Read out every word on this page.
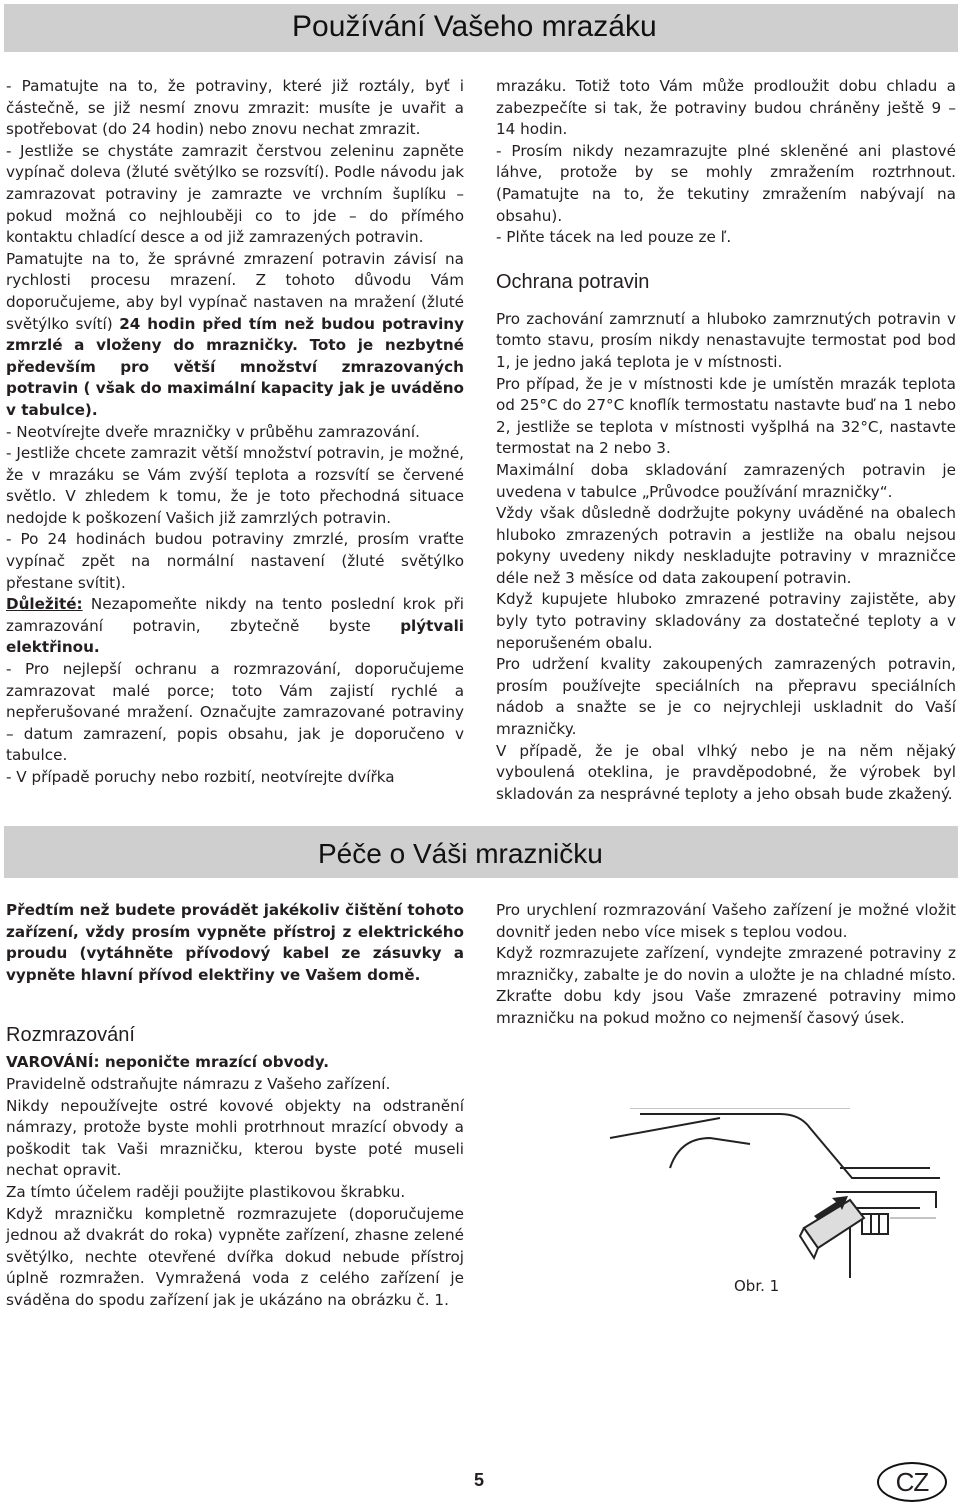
Používání Vašeho mrazáku

- Pamatujte na to, že potraviny, které již roztály, byť i částečně, se již nesmí znovu zmrazit: musíte je uvařit a spotřebovat (do 24 hodin) nebo znovu nechat zmrazit.

- Jestliže se chystáte zamrazit čerstvou zeleninu zapněte vypínač doleva (žluté světýlko se rozsvítí). Podle návodu jak zamrazovat potraviny je zamrazte ve vrchním šuplíku – pokud možná co nejhlouběji co to jde – do přímého kontaktu chladící desce a od již zamrazených potravin.

Pamatujte na to, že správné zmrazení potravin závisí na rychlosti procesu mrazení. Z tohoto důvodu Vám doporučujeme, aby byl vypínač nastaven na mražení (žluté světýlko svítí) 24 hodin před tím než budou potraviny zmrzlé a vloženy do mrazničky. Toto je nezbytné především pro větší množství zmrazovaných potravin ( však do maximální kapacity jak je uváděno v tabulce).

- Neotvírejte dveře mrazničky v průběhu zamrazování.

- Jestliže chcete zamrazit větší množství potravin, je možné, že v mrazáku se Vám zvýší teplota a rozsvítí se červené světlo. V zhledem k tomu, že je toto přechodná situace nedojde k poškození Vašich již zamrzlých potravin.

- Po 24 hodinách budou potraviny zmrzlé, prosím vraťte vypínač zpět na normální nastavení (žluté světýlko přestane svítit).

Důležité: Nezapomeňte nikdy na tento poslední krok při zamrazování potravin, zbytečně byste plýtvali elektřinou.

- Pro nejlepší ochranu a rozmrazování, doporučujeme zamrazovat malé porce; toto Vám zajistí rychlé a nepřerušované mražení. Označujte zamrazované potraviny – datum zamrazení, popis obsahu, jak je doporučeno v tabulce.

- V případě poruchy nebo rozbití, neotvírejte dvířka

mrazáku. Totiž toto Vám může prodloužit dobu chladu a zabezpečíte si tak, že potraviny budou chráněny ještě 9 – 14 hodin.

- Prosím nikdy nezamrazujte plné skleněné ani plastové láhve, protože by se mohly zmražením roztrhnout. (Pamatujte na to, že tekutiny zmražením nabývají na obsahu).

- Plňte tácek na led pouze ze ľ.

Ochrana potravin

Pro zachování zamrznutí a hluboko zamrznutých potravin v tomto stavu, prosím nikdy nenastavujte termostat pod bod 1, je jedno jaká teplota je v místnosti.

Pro případ, že je v místnosti kde je umístěn mrazák teplota od 25°C do 27°C knoflík termostatu nastavte buď na 1 nebo 2, jestliže se teplota v místnosti vyšplhá na 32°C, nastavte termostat na 2 nebo 3.

Maximální doba skladování zamrazených potravin je uvedena v tabulce „Průvodce používání mrazničky“.

Vždy však důsledně dodržujte pokyny uváděné na obalech hluboko zmrazených potravin a jestliže na obalu nejsou pokyny uvedeny nikdy neskladujte potraviny v mrazničce déle než 3 měsíce od data zakoupení potravin.

Když kupujete hluboko zmrazené potraviny zajistěte, aby byly tyto potraviny skladovány za dostatečné teploty a v neporušeném obalu.

Pro udržení kvality zakoupených zamrazených potravin, prosím používejte speciálních na přepravu speciálních nádob a snažte se je co nejrychleji uskladnit do Vaší mrazničky.

V případě, že je obal vlhký nebo je na něm nějaký vyboulená oteklina, je pravděpodobné, že výrobek byl skladován za nesprávné teploty a jeho obsah bude zkažený.

Péče o Váši mrazničku

Předtím než budete provádět jakékoliv čištění tohoto zařízení, vždy prosím vypněte přístroj z elektrického proudu (vytáhněte přívodový kabel ze zásuvky a vypněte hlavní přívod elektřiny ve Vašem domě.

Rozmrazování

VAROVÁNÍ: neponičte mrazící obvody.

Pravidelně odstraňujte námrazu z Vašeho zařízení.

Nikdy nepoužívejte ostré kovové objekty na odstranění námrazy, protože byste mohli protrhnout mrazící obvody a poškodit tak Vaši mrazničku, kterou byste poté museli nechat opravit.

Za tímto účelem raději použijte plastikovou škrabku.

Když mrazničku kompletně rozmrazujete (doporučujeme jednou až dvakrát do roka) vypněte zařízení, zhasne zelené světýlko, nechte otevřené dvířka dokud nebude přístroj úplně rozmražen. Vymražená voda z celého zařízení je sváděna do spodu zařízení jak je ukázáno na obrázku č. 1.

Pro urychlení rozmrazování Vašeho zařízení je možné vložit dovnitř jeden nebo více misek s teplou vodou.

Když rozmrazujete zařízení, vyndejte zmrazené potraviny z mrazničky, zabalte je do novin a uložte je na chladné místo. Zkraťte dobu kdy jsou Vaše zmrazené potraviny mimo mrazničku na pokud možno co nejmenší časový úsek.

Obr. 1
5	CZ
